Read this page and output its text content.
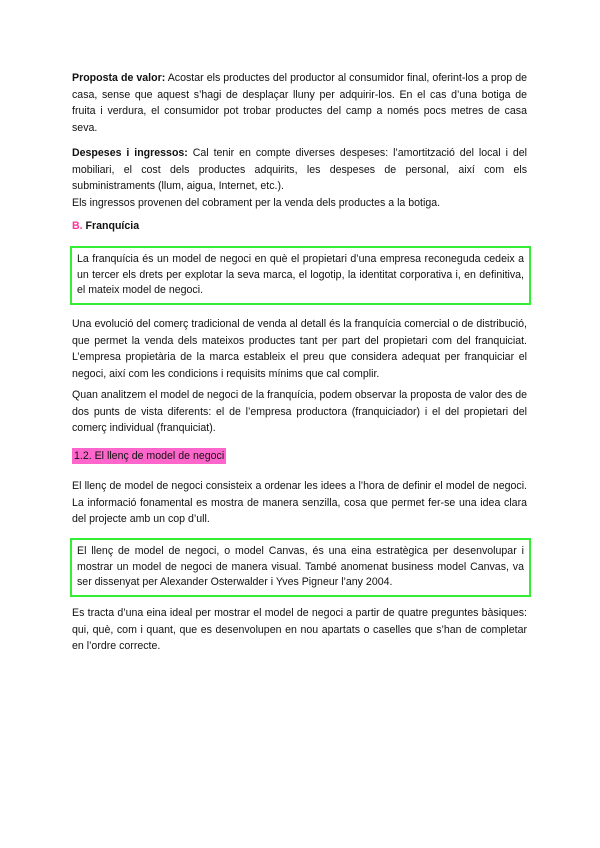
Proposta de valor: Acostar els productes del productor al consumidor final, oferint-los a prop de casa, sense que aquest s’hagi de desplaçar lluny per adquirir-los. En el cas d’una botiga de fruita i verdura, el consumidor pot trobar productes del camp a només pocs metres de casa seva.

Despeses i ingressos: Cal tenir en compte diverses despeses: l’amortització del local i del mobiliari, el cost dels productes adquirits, les despeses de personal, així com els subministraments (llum, aigua, Internet, etc.).

Els ingressos provenen del cobrament per la venda dels productes a la botiga.

B. Franquícia
La franquícia és un model de negoci en què el propietari d’una empresa reconeguda cedeix a un tercer els drets per explotar la seva marca, el logotip, la identitat corporativa i, en definitiva, el mateix model de negoci.
Una evolució del comerç tradicional de venda al detall és la franquícia comercial o de distribució, que permet la venda dels mateixos productes tant per part del propietari com del franquiciat. L’empresa propietària de la marca estableix el preu que considera adequat per franquiciar el negoci, així com les condicions i requisits mínims que cal complir.
Quan analitzem el model de negoci de la franquícia, podem observar la proposta de valor des de dos punts de vista diferents: el de l’empresa productora (franquiciador) i el del propietari del comerç individual (franquiciat).
1.2. El llenç de model de negoci
El llenç de model de negoci consisteix a ordenar les idees a l’hora de definir el model de negoci. La informació fonamental es mostra de manera senzilla, cosa que permet fer-se una idea clara del projecte amb un cop d’ull.
El llenç de model de negoci, o model Canvas, és una eina estratègica per desenvolupar i mostrar un model de negoci de manera visual. També anomenat business model Canvas, va ser dissenyat per Alexander Osterwalder i Yves Pigneur l’any 2004.
Es tracta d’una eina ideal per mostrar el model de negoci a partir de quatre preguntes bàsiques: qui, què, com i quant, que es desenvolupen en nou apartats o caselles que s’han de completar en l’ordre correcte.
